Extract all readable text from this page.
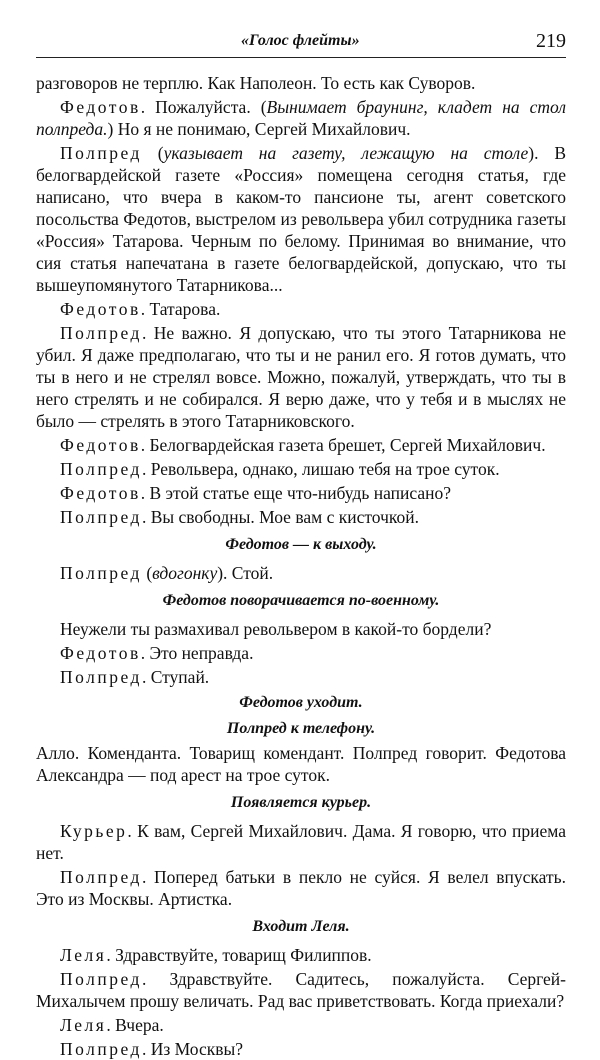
«Голос флейты»	219

разговоров не терплю. Как Наполеон. То есть как Суворов.

Федотов. Пожалуйста. (Вынимает браунинг, кладет на стол полпреда.) Но я не понимаю, Сергей Михайлович.

Полпред (указывает на газету, лежащую на столе). В белогвардейской газете «Россия» помещена сегодня статья, где написано, что вчера в каком-то пансионе ты, агент советского посольства Федотов, выстрелом из револьвера убил сотрудника газеты «Россия» Татарова. Черным по белому. Принимая во внимание, что сия статья напечатана в газете белогвардейской, допускаю, что ты вышеупомянутого Татарникова...

Федотов. Татарова.

Полпред. Не важно. Я допускаю, что ты этого Татарникова не убил. Я даже предполагаю, что ты и не ранил его. Я готов думать, что ты в него и не стрелял вовсе. Можно, пожалуй, утверждать, что ты в него стрелять и не собирался. Я верю даже, что у тебя и в мыслях не было — стрелять в этого Татарниковского.

Федотов. Белогвардейская газета брешет, Сергей Михайлович.

Полпред. Револьвера, однако, лишаю тебя на трое суток.

Федотов. В этой статье еще что-нибудь написано?

Полпред. Вы свободны. Мое вам с кисточкой.

Федотов — к выходу.

Полпред (вдогонку). Стой.

Федотов поворачивается по-военному.

Неужели ты размахивал револьвером в какой-то бордели?

Федотов. Это неправда.

Полпред. Ступай.

Федотов уходит.
Полпред к телефону.

Алло. Коменданта. Товарищ комендант. Полпред говорит. Федотова Александра — под арест на трое суток.

Появляется курьер.

Курьер. К вам, Сергей Михайлович. Дама. Я говорю, что приема нет.

Полпред. Поперед батьки в пекло не суйся. Я велел впускать. Это из Москвы. Артистка.

Входит Леля.

Леля. Здравствуйте, товарищ Филиппов.

Полпред. Здравствуйте. Садитесь, пожалуйста. Сергей-Михалычем прошу величать. Рад вас приветствовать. Когда приехали?

Леля. Вчера.

Полпред. Из Москвы?
